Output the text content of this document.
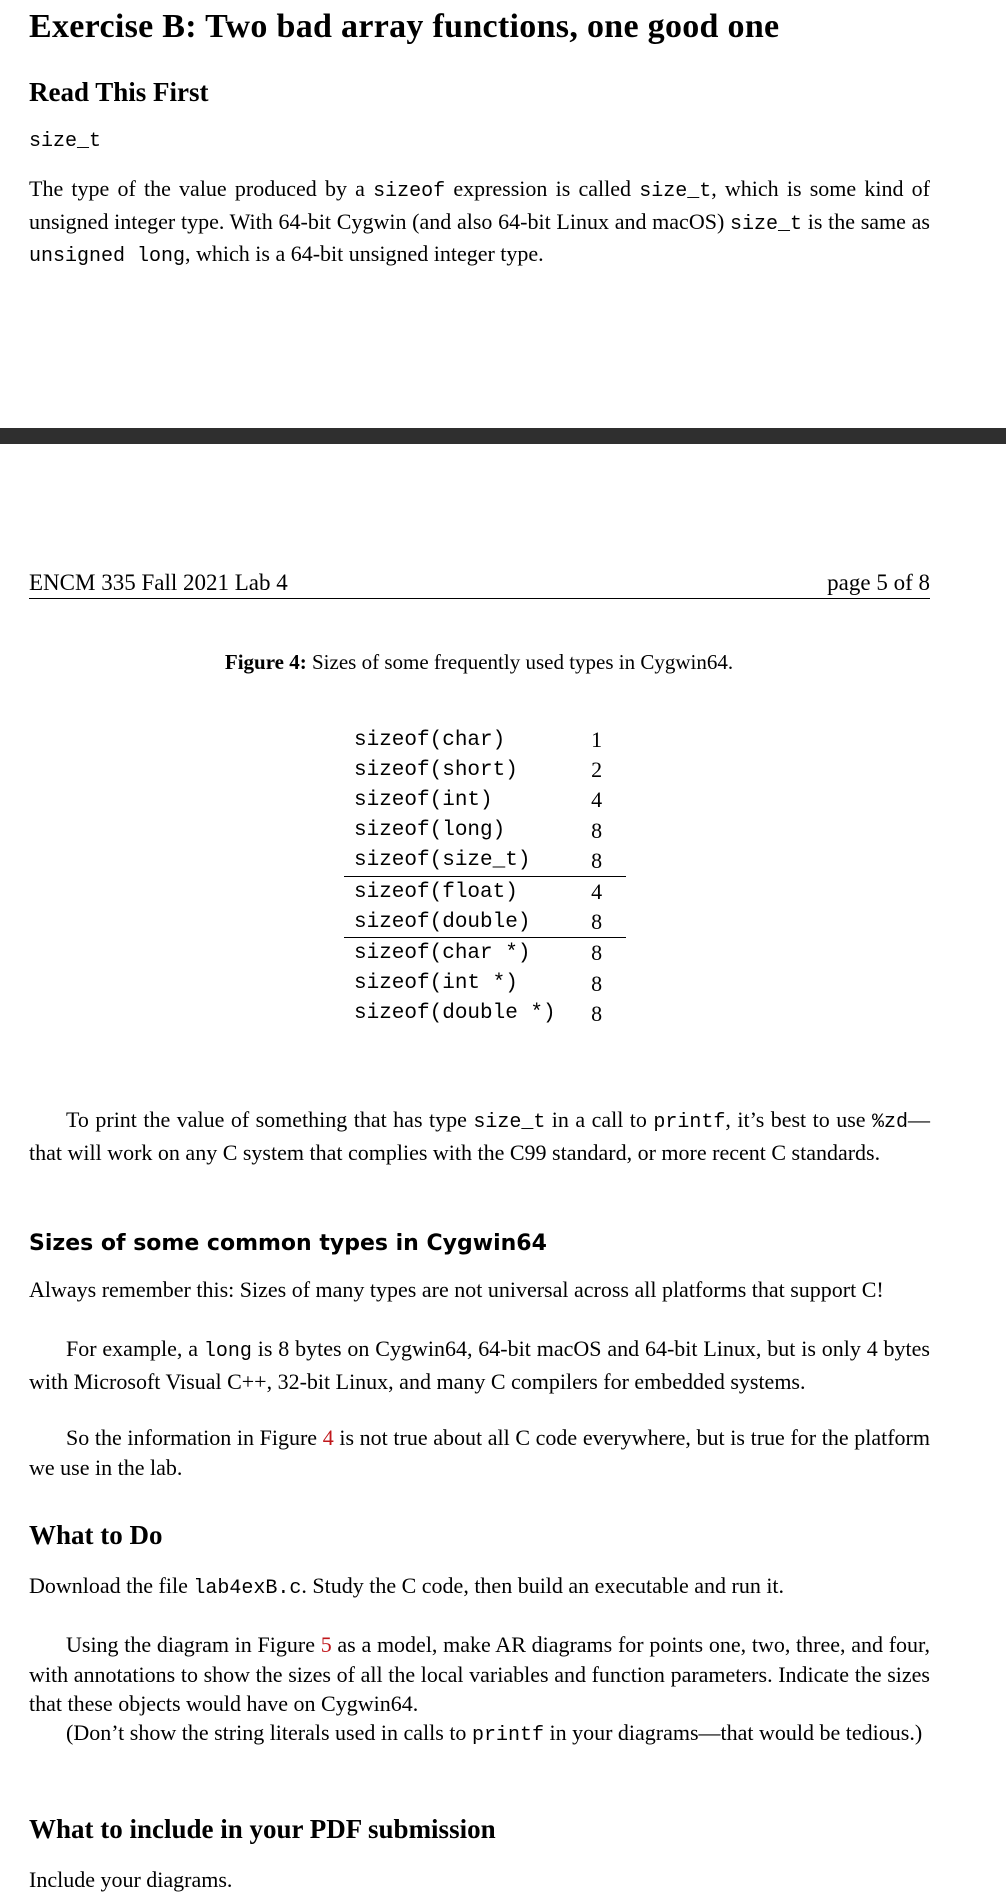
Exercise B: Two bad array functions, one good one
Read This First

size_t

The type of the value produced by a sizeof expression is called size_t, which is some kind of unsigned integer type. With 64-bit Cygwin (and also 64-bit Linux and macOS) size_t is the same as unsigned long, which is a 64-bit unsigned integer type.

ENCM 335 Fall 2021 Lab 4	page 5 of 8
Figure 4: Sizes of some frequently used types in Cygwin64.
sizeof(char)	1
sizeof(short)	2
sizeof(int)	4
sizeof(long)	8
sizeof(size_t)	8
sizeof(float)	4
sizeof(double)	8
sizeof(char *)	8
sizeof(int *)	8
sizeof(double *)	8

To print the value of something that has type size_t in a call to printf, it’s best to use %zd—that will work on any C system that complies with the C99 standard, or more recent C standards.

Sizes of some common types in Cygwin64

Always remember this: Sizes of many types are not universal across all platforms that support C!

For example, a long is 8 bytes on Cygwin64, 64-bit macOS and 64-bit Linux, but is only 4 bytes with Microsoft Visual C++, 32-bit Linux, and many C compilers for embedded systems.

So the information in Figure 4 is not true about all C code everywhere, but is true for the platform we use in the lab.

What to Do

Download the file lab4exB.c. Study the C code, then build an executable and run it.

Using the diagram in Figure 5 as a model, make AR diagrams for points one, two, three, and four, with annotations to show the sizes of all the local variables and function parameters. Indicate the sizes that these objects would have on Cygwin64.

(Don’t show the string literals used in calls to printf in your diagrams—that would be tedious.)

What to include in your PDF submission

Include your diagrams.
